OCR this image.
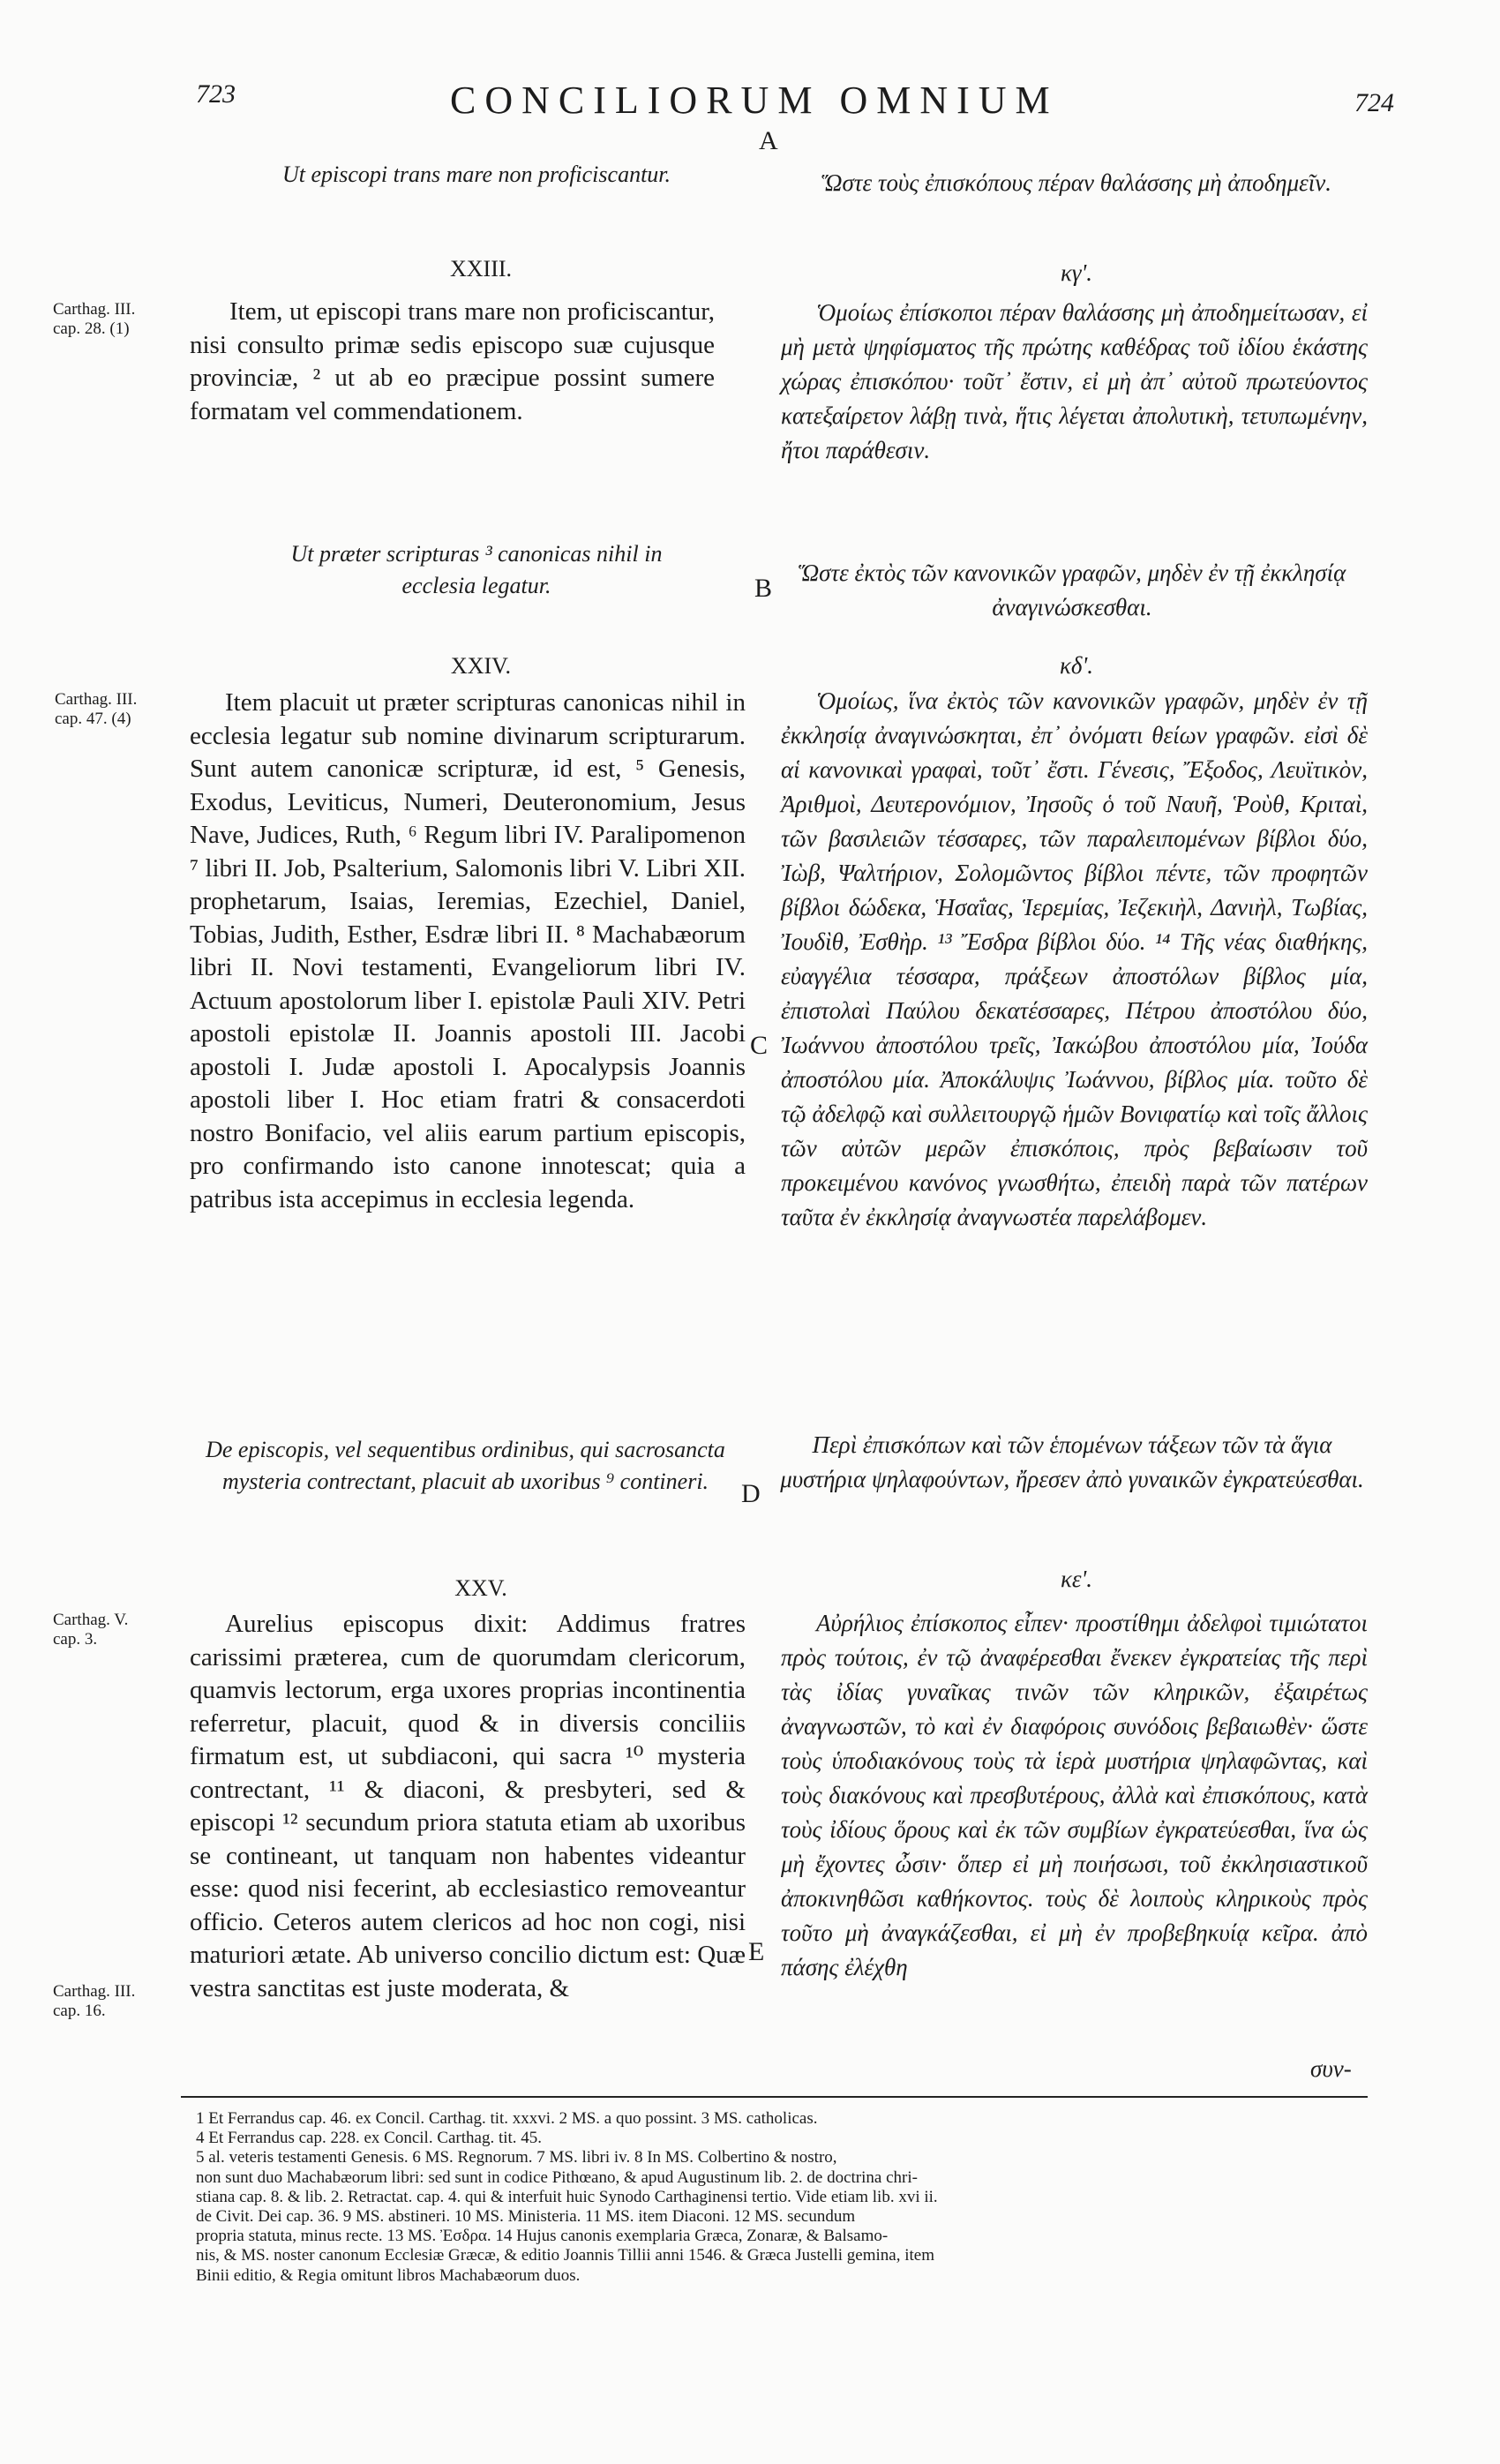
723	CONCILIORUM OMNIUM	724
A
B
C
D
E
Carthag. III.
cap. 28. (1)
Carthag. III.
cap. 47. (4)
Carthag. V.
cap. 3.
Carthag. III.
cap. 16.
Ut episcopi trans mare non proficiscantur.
XXIII.
Item, ut episcopi trans mare non proficiscantur, nisi consulto primæ sedis episcopo suæ cujusque provinciæ, ² ut ab eo præcipue possint sumere formatam vel commendationem.
Ut præter scripturas ³ canonicas nihil in ecclesia legatur.
XXIV.
Item placuit ut præter scripturas canonicas nihil in ecclesia legatur sub nomine divinarum scripturarum. Sunt autem canonicæ scripturæ, id est, ⁵ Genesis, Exodus, Leviticus, Numeri, Deuteronomium, Jesus Nave, Judices, Ruth, ⁶ Regum libri IV. Paralipomenon ⁷ libri II. Job, Psalterium, Salomonis libri V. Libri XII. prophetarum, Isaias, Ieremias, Ezechiel, Daniel, Tobias, Judith, Esther, Esdræ libri II. ⁸ Machabæorum libri II. Novi testamenti, Evangeliorum libri IV. Actuum apostolorum liber I. epistolæ Pauli XIV. Petri apostoli epistolæ II. Joannis apostoli III. Jacobi apostoli I. Judæ apostoli I. Apocalypsis Joannis apostoli liber I. Hoc etiam fratri & consacerdoti nostro Bonifacio, vel aliis earum partium episcopis, pro confirmando isto canone innotescat; quia a patribus ista accepimus in ecclesia legenda.
De episcopis, vel sequentibus ordinibus, qui sacrosancta mysteria contrectant, placuit ab uxoribus ⁹ contineri.
XXV.
Aurelius episcopus dixit: Addimus fratres carissimi præterea, cum de quorumdam clericorum, quamvis lectorum, erga uxores proprias incontinentia referretur, placuit, quod & in diversis conciliis firmatum est, ut subdiaconi, qui sacra ¹⁰ mysteria contrectant, ¹¹ & diaconi, & presbyteri, sed & episcopi ¹² secundum priora statuta etiam ab uxoribus se contineant, ut tanquam non habentes videantur esse: quod nisi fecerint, ab ecclesiastico removeantur officio. Ceteros autem clericos ad hoc non cogi, nisi maturiori ætate. Ab universo concilio dictum est: Quæ vestra sanctitas est juste moderata, &
Ὥστε τοὺς ἐπισκόπους πέραν θαλάσσης μὴ ἀποδημεῖν.
κγʹ.
Ὁμοίως ἐπίσκοποι πέραν θαλάσσης μὴ ἀποδημείτωσαν, εἰ μὴ μετὰ ψηφίσματος τῆς πρώτης καθέδρας τοῦ ἰδίου ἑκάστης χώρας ἐπισκόπου· τοῦτ᾽ ἔστιν, εἰ μὴ ἀπ᾽ αὐτοῦ πρωτεύοντος κατεξαίρετον λάβῃ τινὰ, ἥτις λέγεται ἀπολυτικὴ, τετυπωμένην, ἤτοι παράθεσιν.
Ὥστε ἐκτὸς τῶν κανονικῶν γραφῶν, μηδὲν ἐν τῇ ἐκκλησίᾳ ἀναγινώσκεσθαι.
κδʹ.
Ὁμοίως, ἵνα ἐκτὸς τῶν κανονικῶν γραφῶν, μηδὲν ἐν τῇ ἐκκλησίᾳ ἀναγινώσκηται, ἐπ᾽ ὀνόματι θείων γραφῶν. εἰσὶ δὲ αἱ κανονικαὶ γραφαὶ, τοῦτ᾽ ἔστι. Γένεσις, Ἔξοδος, Λευϊτικὸν, Ἀριθμοὶ, Δευτερονόμιον, Ἰησοῦς ὁ τοῦ Ναυῆ, Ῥοὺθ, Κριταὶ, τῶν βασιλειῶν τέσσαρες, τῶν παραλειπομένων βίβλοι δύο, Ἰὼβ, Ψαλτήριον, Σολομῶντος βίβλοι πέντε, τῶν προφητῶν βίβλοι δώδεκα, Ἡσαΐας, Ἱερεμίας, Ἰεζεκιὴλ, Δανιὴλ, Τωβίας, Ἰουδὶθ, Ἐσθὴρ. ¹³ Ἔσδρα βίβλοι δύο. ¹⁴ Τῆς νέας διαθήκης, εὐαγγέλια τέσσαρα, πράξεων ἀποστόλων βίβλος μία, ἐπιστολαὶ Παύλου δεκατέσσαρες, Πέτρου ἀποστόλου δύο, Ἰωάννου ἀποστόλου τρεῖς, Ἰακώβου ἀποστόλου μία, Ἰούδα ἀποστόλου μία. Ἀποκάλυψις Ἰωάννου, βίβλος μία. τοῦτο δὲ τῷ ἀδελφῷ καὶ συλλειτουργῷ ἡμῶν Βονιφατίῳ καὶ τοῖς ἄλλοις τῶν αὐτῶν μερῶν ἐπισκόποις, πρὸς βεβαίωσιν τοῦ προκειμένου κανόνος γνωσθήτω, ἐπειδὴ παρὰ τῶν πατέρων ταῦτα ἐν ἐκκλησίᾳ ἀναγνωστέα παρελάβομεν.
Περὶ ἐπισκόπων καὶ τῶν ἑπομένων τάξεων τῶν τὰ ἅγια μυστήρια ψηλαφούντων, ἤρεσεν ἀπὸ γυναικῶν ἐγκρατεύεσθαι.
κεʹ.
Αὐρήλιος ἐπίσκοπος εἶπεν· προστίθημι ἀδελφοὶ τιμιώτατοι πρὸς τούτοις, ἐν τῷ ἀναφέρεσθαι ἔνεκεν ἐγκρατείας τῆς περὶ τὰς ἰδίας γυναῖκας τινῶν τῶν κληρικῶν, ἐξαιρέτως ἀναγνωστῶν, τὸ καὶ ἐν διαφόροις συνόδοις βεβαιωθὲν· ὥστε τοὺς ὑποδιακόνους τοὺς τὰ ἱερὰ μυστήρια ψηλαφῶντας, καὶ τοὺς διακόνους καὶ πρεσβυτέρους, ἀλλὰ καὶ ἐπισκόπους, κατὰ τοὺς ἰδίους ὅρους καὶ ἐκ τῶν συμβίων ἐγκρατεύεσθαι, ἵνα ὡς μὴ ἔχοντες ὦσιν· ὅπερ εἰ μὴ ποιήσωσι, τοῦ ἐκκλησιαστικοῦ ἀποκινηθῶσι καθήκοντος. τοὺς δὲ λοιποὺς κληρικοὺς πρὸς τοῦτο μὴ ἀναγκάζεσθαι, εἰ μὴ ἐν προβεβηκυίᾳ κεῖρα. ἀπὸ πάσης ἐλέχθη
συν-
1 Et Ferrandus cap. 46. ex Concil. Carthag. tit. xxxvi. 2 MS. a quo possint. 3 MS. catholicas.
4 Et Ferrandus cap. 228. ex Concil. Carthag. tit. 45.
5 al. veteris testamenti Genesis. 6 MS. Regnorum. 7 MS. libri iv. 8 In MS. Colbertino & nostro,
non sunt duo Machabæorum libri: sed sunt in codice Pithœano, & apud Augustinum lib. 2. de doctrina chri-
stiana cap. 8. & lib. 2. Retractat. cap. 4. qui & interfuit huic Synodo Carthaginensi tertio. Vide etiam lib. xvi ii.
de Civit. Dei cap. 36. 9 MS. abstineri. 10 MS. Ministeria. 11 MS. item Diaconi. 12 MS. secundum
propria statuta, minus recte. 13 MS. Ἐσδρα. 14 Hujus canonis exemplaria Græca, Zonaræ, & Balsamo-
nis, & MS. noster canonum Ecclesiæ Græcæ, & editio Joannis Tillii anni 1546. & Græca Justelli gemina, item
Binii editio, & Regia omitunt libros Machabæorum duos.
